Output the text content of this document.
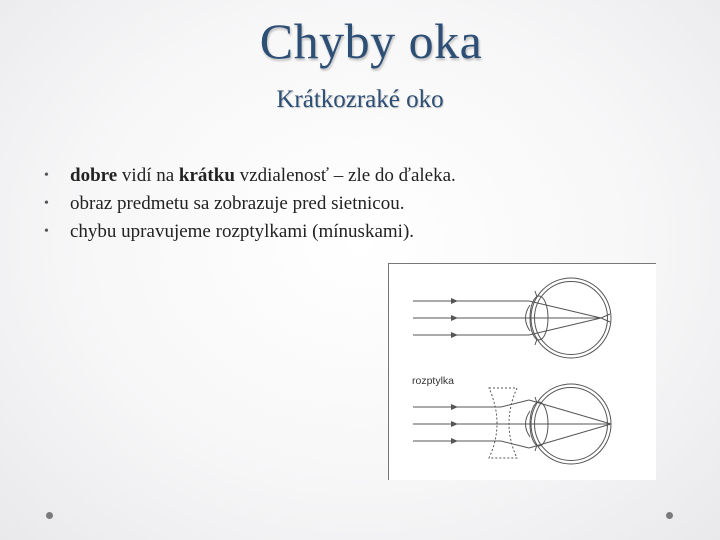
Chyby oka
Krátkozraké oko
• dobre vidí na krátku vzdialenosť – zle do ďaleka.
• obraz predmetu sa zobrazuje pred sietnicou.
• chybu upravujeme rozptylkami (mínuskami).
rozptylka
